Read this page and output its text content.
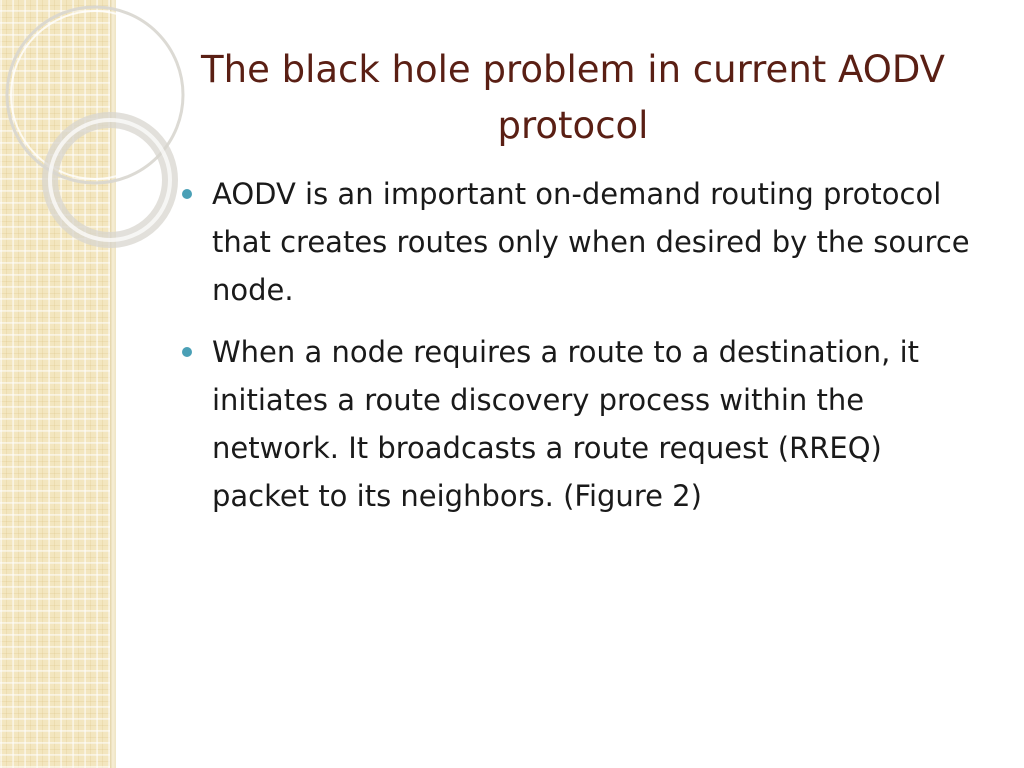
The black hole problem in current AODV protocol
AODV is an important on-demand routing protocol that creates routes only when desired by the source node.
When a node requires a route to a destination, it initiates a route discovery process within the network. It broadcasts a route request (RREQ) packet to its neighbors. (Figure 2)
